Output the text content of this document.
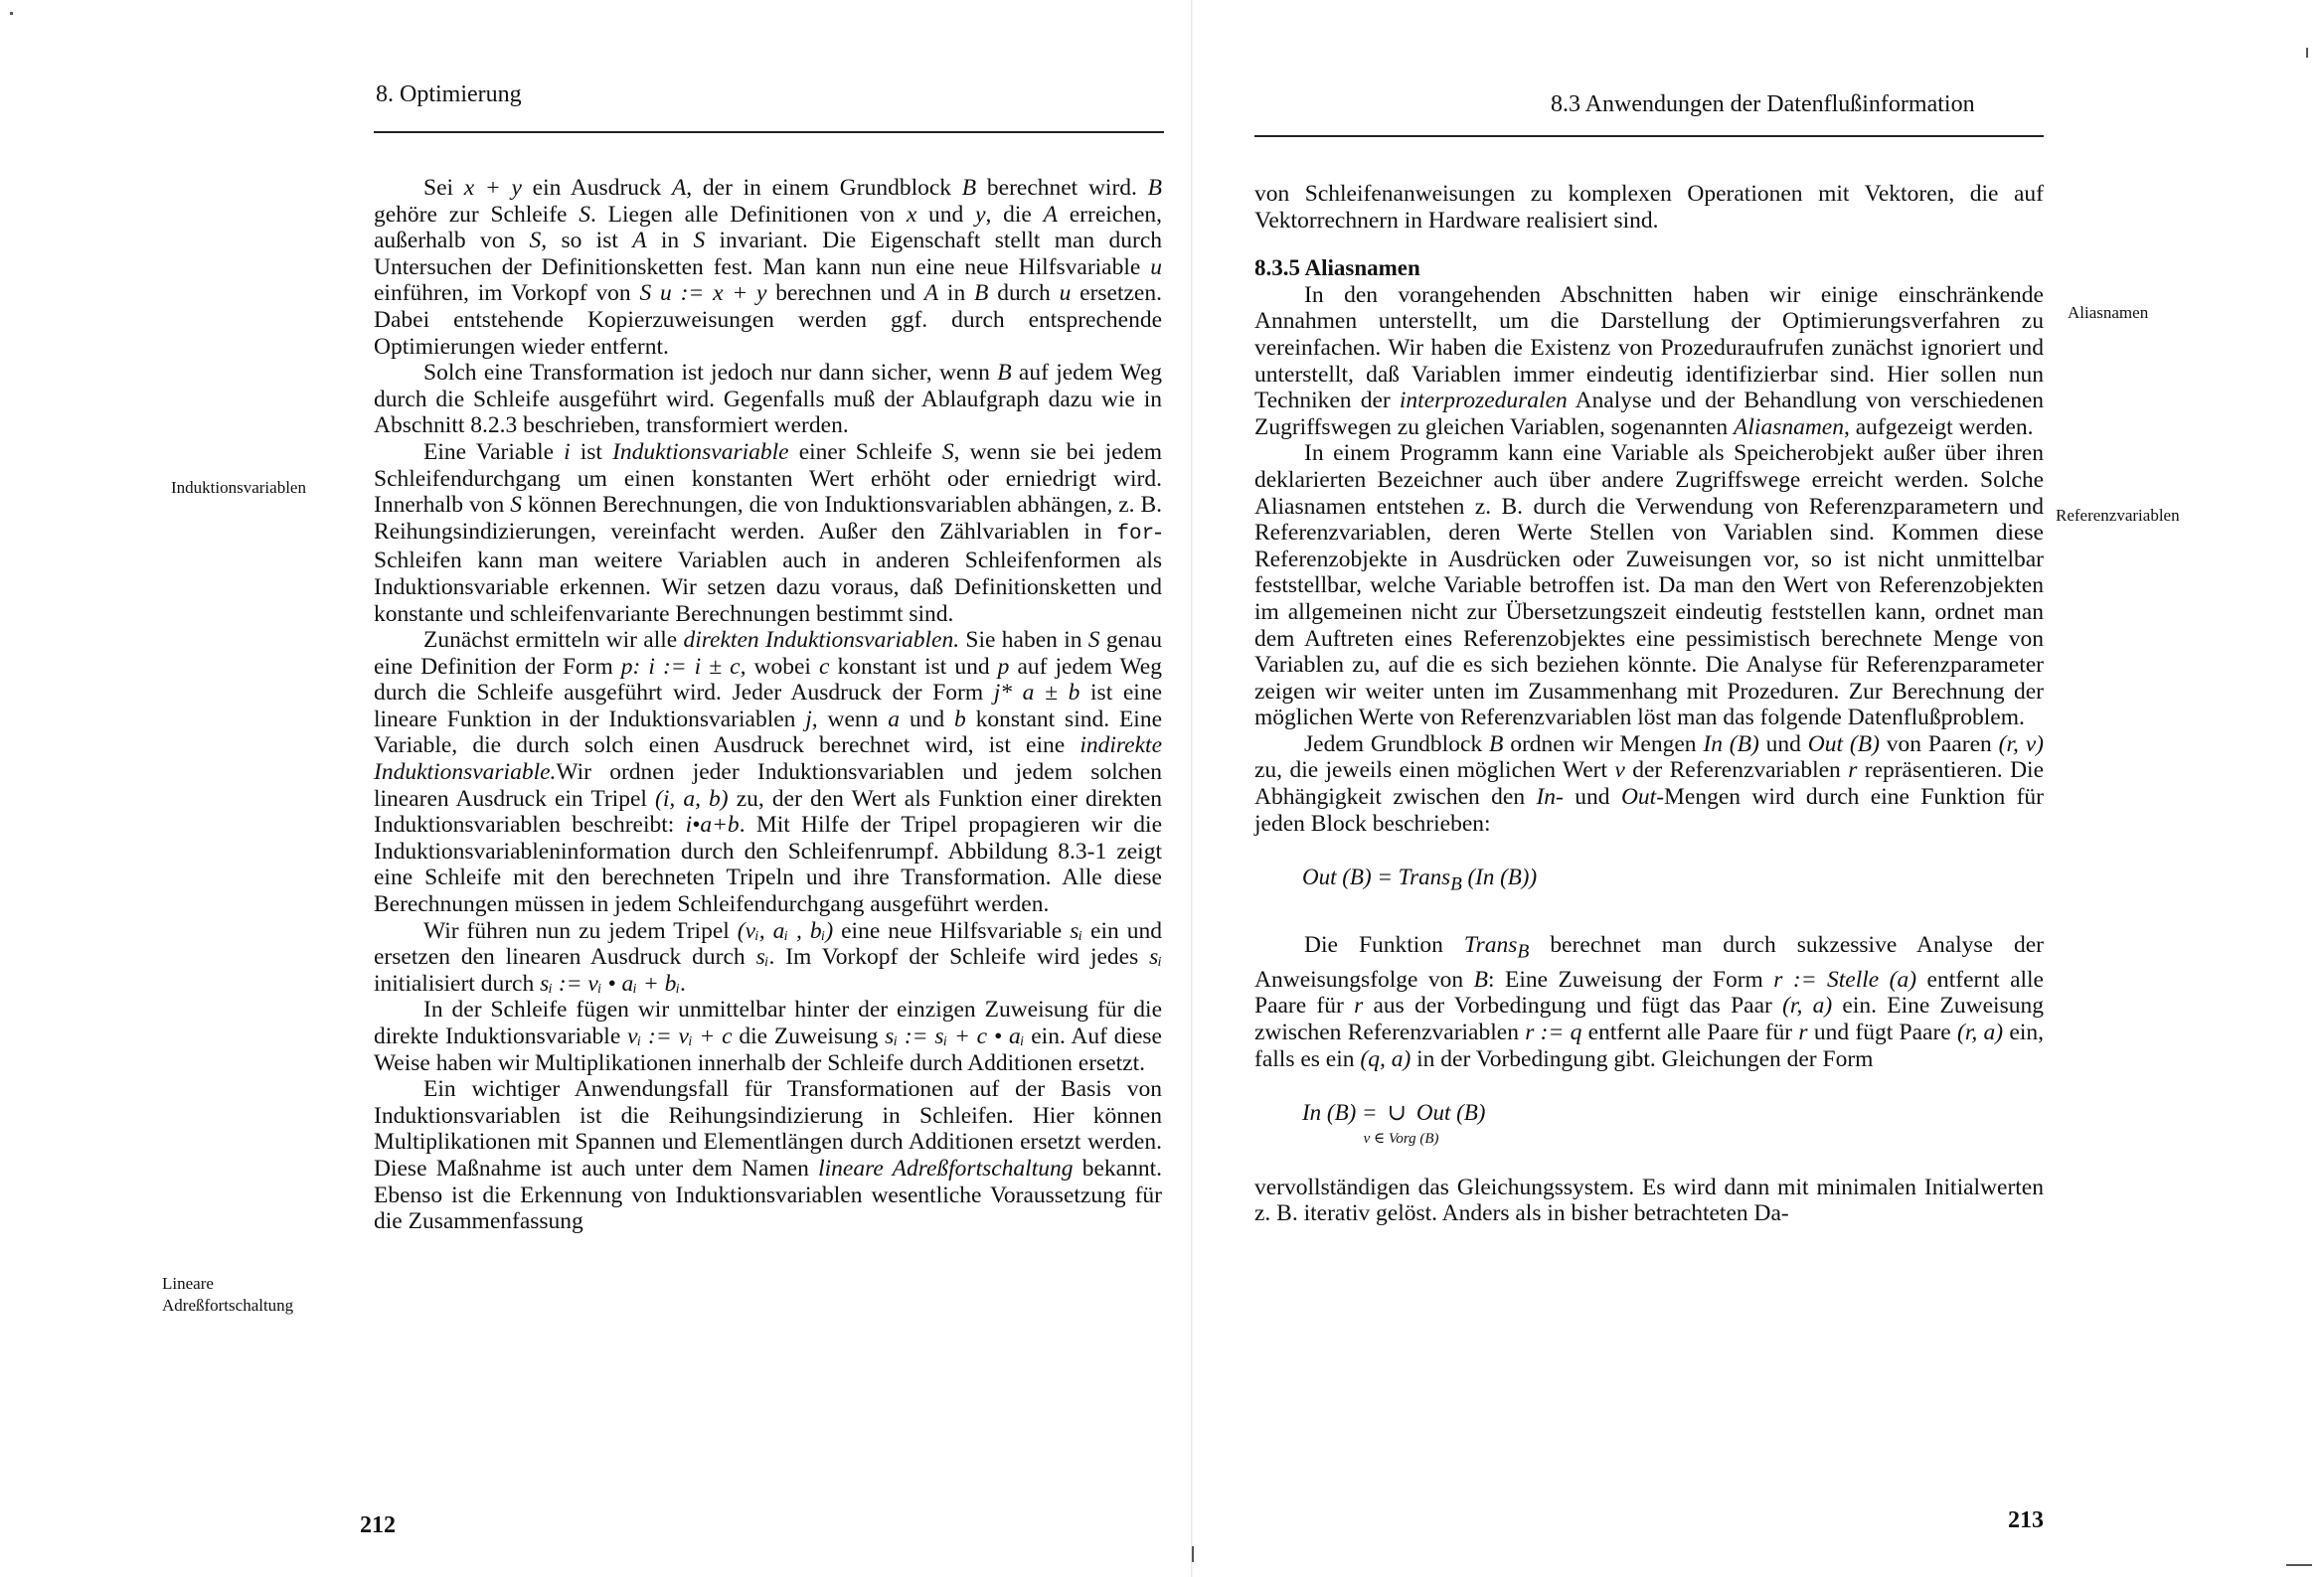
8. Optimierung
Induktionsvariablen
Lineare
Adreßfortschaltung

Sei x + y ein Ausdruck A, der in einem Grundblock B berechnet wird. B gehöre zur Schleife S. Liegen alle Definitionen von x und y, die A erreichen, außerhalb von S, so ist A in S invariant. Die Eigenschaft stellt man durch Untersuchen der Definitionsketten fest. Man kann nun eine neue Hilfsvariable u einführen, im Vorkopf von S u := x + y berechnen und A in B durch u ersetzen. Dabei entstehende Kopierzuweisungen werden ggf. durch entsprechende Optimierungen wieder entfernt.

Solch eine Transformation ist jedoch nur dann sicher, wenn B auf jedem Weg durch die Schleife ausgeführt wird. Gegenfalls muß der Ablaufgraph dazu wie in Abschnitt 8.2.3 beschrieben, transformiert werden.

Eine Variable i ist Induktionsvariable einer Schleife S, wenn sie bei jedem Schleifendurchgang um einen konstanten Wert erhöht oder erniedrigt wird. Innerhalb von S können Berechnungen, die von Induktionsvariablen abhängen, z. B. Reihungsindizierungen, vereinfacht werden. Außer den Zählvariablen in for-Schleifen kann man weitere Variablen auch in anderen Schleifenformen als Induktionsvariable erkennen. Wir setzen dazu voraus, daß Definitionsketten und konstante und schleifenvariante Berechnungen bestimmt sind.

Zunächst ermitteln wir alle direkten Induktionsvariablen. Sie haben in S genau eine Definition der Form p: i := i ± c, wobei c konstant ist und p auf jedem Weg durch die Schleife ausgeführt wird. Jeder Ausdruck der Form j* a ± b ist eine lineare Funktion in der Induktionsvariablen j, wenn a und b konstant sind. Eine Variable, die durch solch einen Ausdruck berechnet wird, ist eine indirekte Induktionsvariable.Wir ordnen jeder Induktionsvariablen und jedem solchen linearen Ausdruck ein Tripel (i, a, b) zu, der den Wert als Funktion einer direkten Induktionsvariablen beschreibt: i•a+b. Mit Hilfe der Tripel propagieren wir die Induktionsvariableninformation durch den Schleifenrumpf. Abbildung 8.3-1 zeigt eine Schleife mit den berechneten Tripeln und ihre Transformation. Alle diese Berechnungen müssen in jedem Schleifendurchgang ausgeführt werden.

Wir führen nun zu jedem Tripel (vᵢ, aᵢ , bᵢ) eine neue Hilfsvariable sᵢ ein und ersetzen den linearen Ausdruck durch sᵢ. Im Vorkopf der Schleife wird jedes sᵢ initialisiert durch sᵢ := vᵢ • aᵢ + bᵢ.

In der Schleife fügen wir unmittelbar hinter der einzigen Zuweisung für die direkte Induktionsvariable vᵢ := vᵢ + c die Zuweisung sᵢ := sᵢ + c • aᵢ ein. Auf diese Weise haben wir Multiplikationen innerhalb der Schleife durch Additionen ersetzt.

Ein wichtiger Anwendungsfall für Transformationen auf der Basis von Induktionsvariablen ist die Reihungsindizierung in Schleifen. Hier können Multiplikationen mit Spannen und Elementlängen durch Additionen ersetzt werden. Diese Maßnahme ist auch unter dem Namen lineare Adreßfortschaltung bekannt. Ebenso ist die Erkennung von Induktionsvariablen wesentliche Voraussetzung für die Zusammenfassung

212
8.3 Anwendungen der Datenflußinformation
Aliasnamen
Referenzvariablen

von Schleifenanweisungen zu komplexen Operationen mit Vektoren, die auf Vektorrechnern in Hardware realisiert sind.

8.3.5 Aliasnamen

In den vorangehenden Abschnitten haben wir einige einschränkende Annahmen unterstellt, um die Darstellung der Optimierungsverfahren zu vereinfachen. Wir haben die Existenz von Prozeduraufrufen zunächst ignoriert und unterstellt, daß Variablen immer eindeutig identifizierbar sind. Hier sollen nun Techniken der interprozeduralen Analyse und der Behandlung von verschiedenen Zugriffswegen zu gleichen Variablen, sogenannten Aliasnamen, aufgezeigt werden.

In einem Programm kann eine Variable als Speicherobjekt außer über ihren deklarierten Bezeichner auch über andere Zugriffswege erreicht werden. Solche Aliasnamen entstehen z. B. durch die Verwendung von Referenzparametern und Referenzvariablen, deren Werte Stellen von Variablen sind. Kommen diese Referenzobjekte in Ausdrücken oder Zuweisungen vor, so ist nicht unmittelbar feststellbar, welche Variable betroffen ist. Da man den Wert von Referenzobjekten im allgemeinen nicht zur Übersetzungszeit eindeutig feststellen kann, ordnet man dem Auftreten eines Referenzobjektes eine pessimistisch berechnete Menge von Variablen zu, auf die es sich beziehen könnte. Die Analyse für Referenzparameter zeigen wir weiter unten im Zusammenhang mit Prozeduren. Zur Berechnung der möglichen Werte von Referenzvariablen löst man das folgende Datenflußproblem.

Jedem Grundblock B ordnen wir Mengen In (B) und Out (B) von Paaren (r, v) zu, die jeweils einen möglichen Wert v der Referenzvariablen r repräsentieren. Die Abhängigkeit zwischen den In- und Out-Mengen wird durch eine Funktion für jeden Block beschrieben:

Out (B) = Trans$_B$ (In (B))

Die Funktion Trans$_B$ berechnet man durch sukzessive Analyse der Anweisungsfolge von B: Eine Zuweisung der Form r := Stelle (a) entfernt alle Paare für r aus der Vorbedingung und fügt das Paar (r, a) ein. Eine Zuweisung zwischen Referenzvariablen r := q entfernt alle Paare für r und fügt Paare (r, a) ein, falls es ein (q, a) in der Vorbedingung gibt. Gleichungen der Form

In (B) = ∪
v ∈ Vorg (B)
Out (B)

vervollständigen das Gleichungssystem. Es wird dann mit minimalen Initialwerten z. B. iterativ gelöst. Anders als in bisher betrachteten Da-

213
